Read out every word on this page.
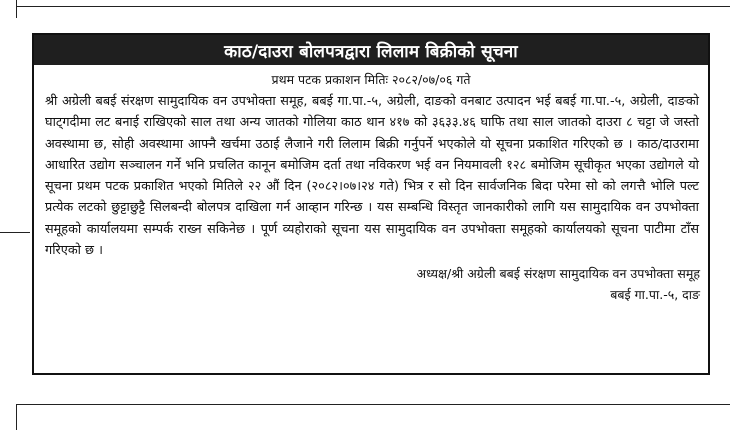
काठ/दाउरा बोलपत्रद्वारा लिलाम बिक्रीको सूचना
प्रथम पटक प्रकाशन मितिः २०८२/०७/०६ गते
श्री अग्रेली बबई संरक्षण सामुदायिक वन उपभोक्ता समूह, बबई गा.पा.-५, अग्रेली, दाङको वनबाट उत्पादन भई बबई गा.पा.-५, अग्रेली, दाङको घाट्गदीमा लट बनाई राखिएको साल तथा अन्य जातको गोलिया काठ थान ४१७ को ३६३३.४६ घाफि तथा साल जातको दाउरा ८ चट्टा जे जस्तो अवस्थामा छ, सोही अवस्थामा आफ्नै खर्चमा उठाई लैजाने गरी लिलाम बिक्री गर्नुपर्ने भएकोले यो सूचना प्रकाशित गरिएको छ । काठ/दाउरामा आधारित उद्योग सञ्चालन गर्ने भनि प्रचलित कानून बमोजिम दर्ता तथा नविकरण भई वन नियमावली १२८ बमोजिम सूचीकृत भएका उद्योगले यो सूचना प्रथम पटक प्रकाशित भएको मितिले २२ औं दिन (२०८२।०७।२४ गते) भित्र र सो दिन सार्वजनिक बिदा परेमा सो को लगत्तै भोलि पल्ट प्रत्येक लटको छुट्टाछुट्टै सिलबन्दी बोलपत्र दाखिला गर्न आव्हान गरिन्छ । यस सम्बन्धि विस्तृत जानकारीको लागि यस सामुदायिक वन उपभोक्ता समूहको कार्यालयमा सम्पर्क राख्न सकिनेछ । पूर्ण व्यहोराको सूचना यस सामुदायिक वन उपभोक्ता समूहको कार्यालयको सूचना पाटीमा टाँस गरिएको छ ।
अध्यक्ष/श्री अग्रेली बबई संरक्षण सामुदायिक वन उपभोक्ता समूह
बबई गा.पा.-५, दाङ
